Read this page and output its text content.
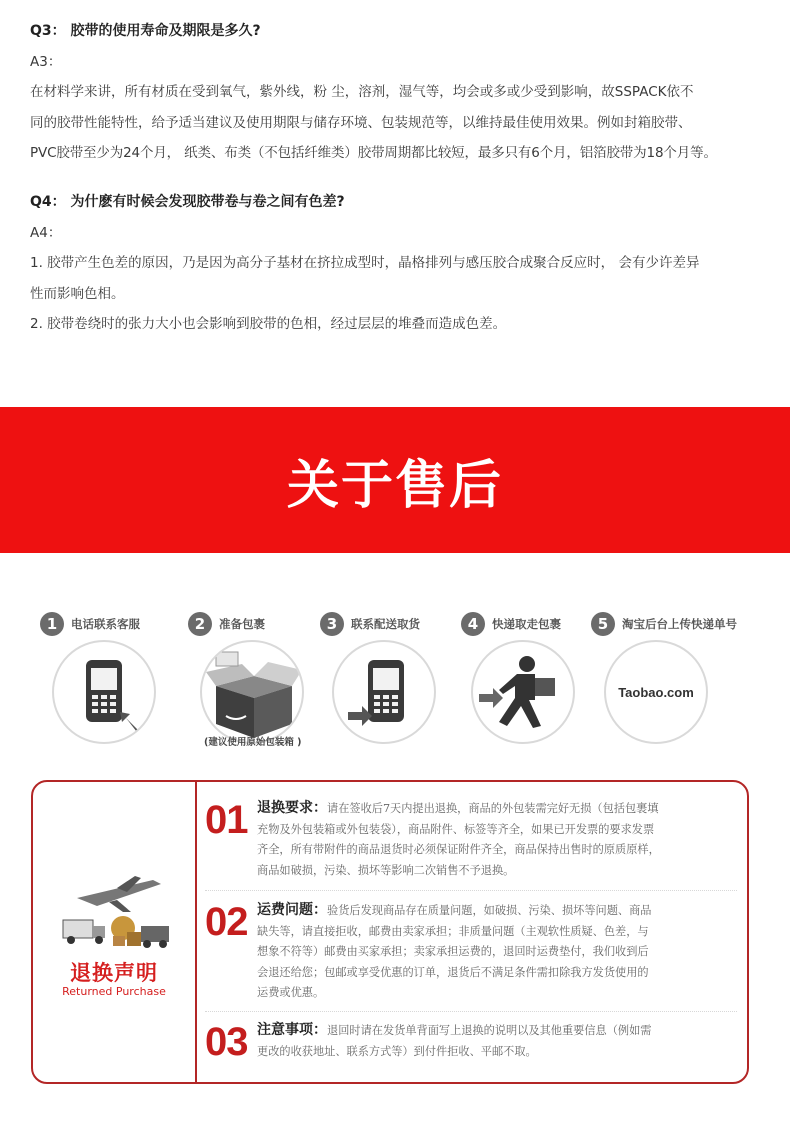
Q3： 胶带的使用寿命及期限是多久?
A3：
在材料学来讲，所有材质在受到氧气，紫外线，粉 尘，溶剂，湿气等，均会或多或少受到影响，故SSPACK依不
同的胶带性能特性，给予适当建议及使用期限与储存环境、包装规范等，以维持最佳使用效果。例如封箱胶带、
PVC胶带至少为24个月， 纸类、布类（不包括纤维类）胶带周期都比较短，最多只有6个月，铝箔胶带为18个月等。
Q4： 为什麽有时候会发现胶带卷与卷之间有色差?
A4：
1. 胶带产生色差的原因，乃是因为高分子基材在挤拉成型时，晶格排列与感压胶合成聚合反应时， 会有少许差异
性而影响色相。
2. 胶带卷绕时的张力大小也会影响到胶带的色相，经过层层的堆叠而造成色差。
关于售后
1	电话联系客服	2	准备包裹
(建议使用原始包装箱 )
3	联系配送取货	4	快递取走包裹	5	淘宝后台上传快递单号
Taobao.com
退换声明
Returned Purchase
01 退换要求：请在签收后7天内提出退换，商品的外包装需完好无损（包括包裹填
充物及外包装箱或外包装袋），商品附件、标签等齐全，如果已开发票的要求发票
齐全，所有带附件的商品退货时必须保证附件齐全，商品保持出售时的原质原样，
商品如破损，污染、损坏等影响二次销售不予退换。
02 运费问题：验货后发现商品存在质量问题，如破损、污染、损坏等问题、商品
缺失等，请直接拒收，邮费由卖家承担；非质量问题（主观软性质疑、色差，与
想象不符等）邮费由买家承担；卖家承担运费的，退回时运费垫付，我们收到后
会退还给您；包邮或享受优惠的订单，退货后不满足条件需扣除我方发货使用的
运费或优惠。
03 注意事项：退回时请在发货单背面写上退换的说明以及其他重要信息（例如需
更改的收获地址、联系方式等）到付件拒收、平邮不取。
